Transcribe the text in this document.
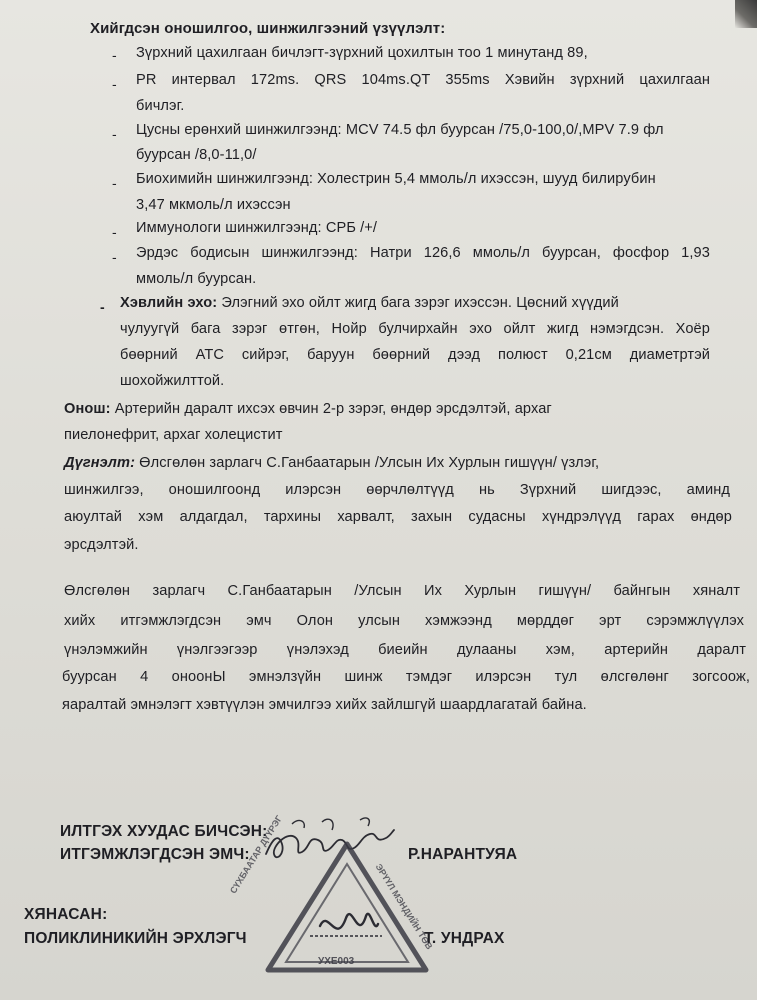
Хийгдсэн оношилгоо, шинжилгээний үзүүлэлт:
- Зүрхний цахилгаан бичлэгт-зүрхний цохилтын тоо 1 минутанд 89,
- PR интервал 172ms. QRS 104ms.QT 355ms Хэвийн зүрхний цахилгаан
бичлэг.
- Цусны ерөнхий шинжилгээнд: MCV 74.5 фл буурсан /75,0-100,0/,MPV 7.9 фл
буурсан /8,0-11,0/
- Биохимийн шинжилгээнд: Холестрин 5,4 ммоль/л ихэссэн, шууд билирубин
3,47 мкмоль/л ихэссэн
- Иммунологи шинжилгээнд: СРБ /+/
- Эрдэс бодисын шинжилгээнд: Натри 126,6 ммоль/л буурсан, фосфор 1,93
ммоль/л буурсан.
- Хэвлийн эхо: Элэгний эхо ойлт жигд бага зэрэг ихэссэн. Цөсний хүүдий
чулуугүй бага зэрэг өтгөн, Нойр булчирхайн эхо ойлт жигд нэмэгдсэн. Хоёр
бөөрний АТС сийрэг, баруун бөөрний дээд полюст 0,21см диаметртэй
шохойжилттой.
Онош: Артерийн даралт ихсэх өвчин 2-р зэрэг, өндөр эрсдэлтэй, архаг
пиелонефрит, архаг холецистит
Дүгнэлт: Өлсгөлөн зарлагч С.Ганбаатарын /Улсын Их Хурлын гишүүн/ үзлэг,
шинжилгээ, оношилгоонд илэрсэн өөрчлөлтүүд нь Зүрхний шигдээс, аминд
аюултай хэм алдагдал, тархины харвалт, захын судасны хүндрэлүүд гарах өндөр
эрсдэлтэй.
Өлсгөлөн зарлагч С.Ганбаатарын /Улсын Их Хурлын гишүүн/ байнгын хяналт
хийх итгэмжлэгдсэн эмч Олон улсын хэмжээнд мөрддөг эрт сэрэмжлүүлэх
үнэлэмжийн үнэлгээгээр үнэлэхэд биеийн дулааны хэм, артерийн даралт
буурсан 4 оноонЫ эмнэлзүйн шинж тэмдэг илэрсэн тул өлсгөлөнг зогсоож,
яаралтай эмнэлэгт хэвтүүлэн эмчилгээ хийх зайлшгүй шаардлагатай байна.
ИЛТГЭХ ХУУДАС БИЧСЭН:
ИТГЭМЖЛЭГДСЭН ЭМЧ:	Р.НАРАНТУЯА
ХЯНАСАН:
ПОЛИКЛИНИКИЙН ЭРХЛЭГЧ	Т. УНДРАХ
СҮХБААТАР ДҮҮРЭГ
ЭРҮҮЛ МЭНДИЙН ТӨВ
УХЕ003
